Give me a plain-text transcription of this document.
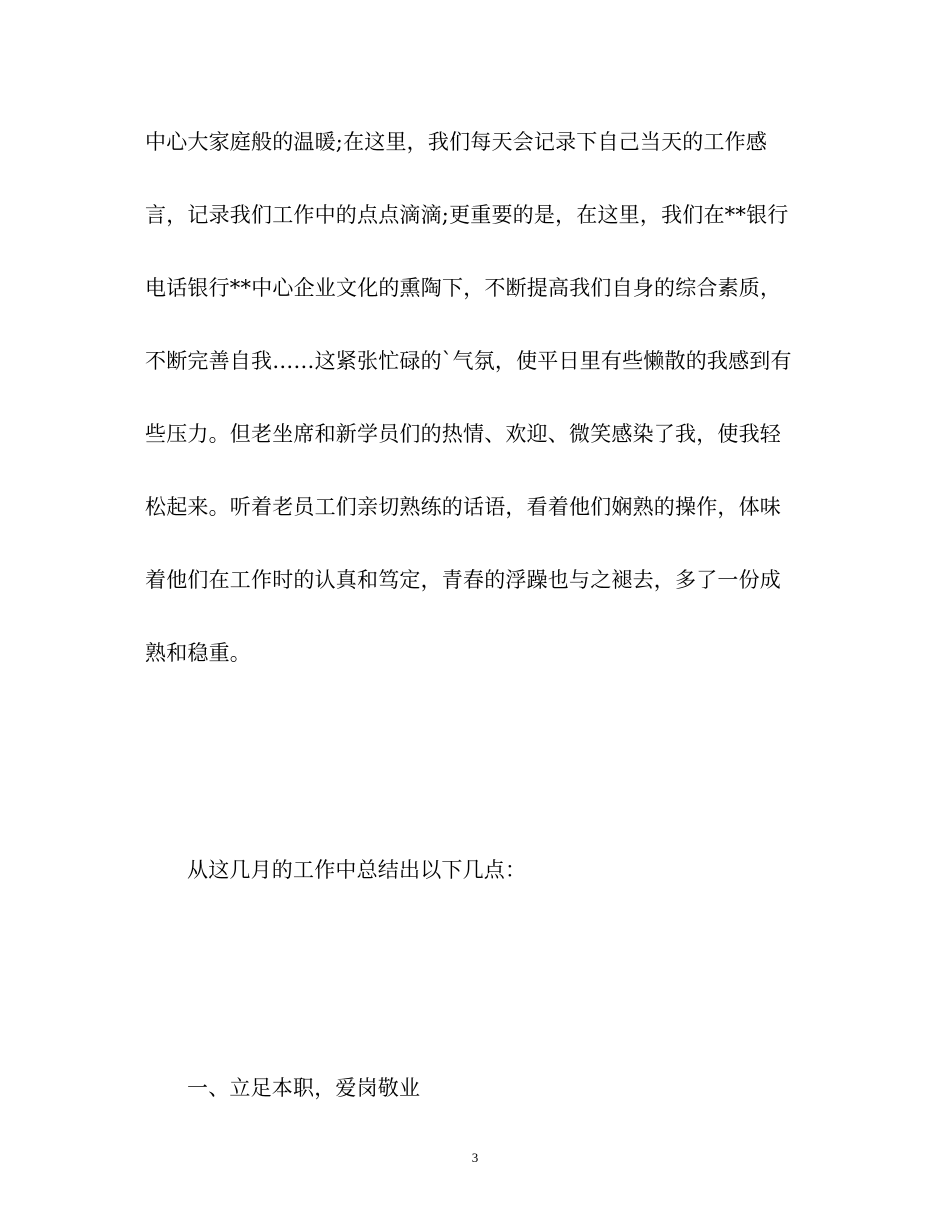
中心大家庭般的温暖;在这里，我们每天会记录下自己当天的工作感
言，记录我们工作中的点点滴滴;更重要的是，在这里，我们在**银行
电话银行**中心企业文化的熏陶下，不断提高我们自身的综合素质，
不断完善自我……这紧张忙碌的`气氛，使平日里有些懒散的我感到有
些压力。但老坐席和新学员们的热情、欢迎、微笑感染了我，使我轻
松起来。听着老员工们亲切熟练的话语，看着他们娴熟的操作，体味
着他们在工作时的认真和笃定，青春的浮躁也与之褪去，多了一份成
熟和稳重。
从这几月的工作中总结出以下几点：
一、立足本职，爱岗敬业
3
